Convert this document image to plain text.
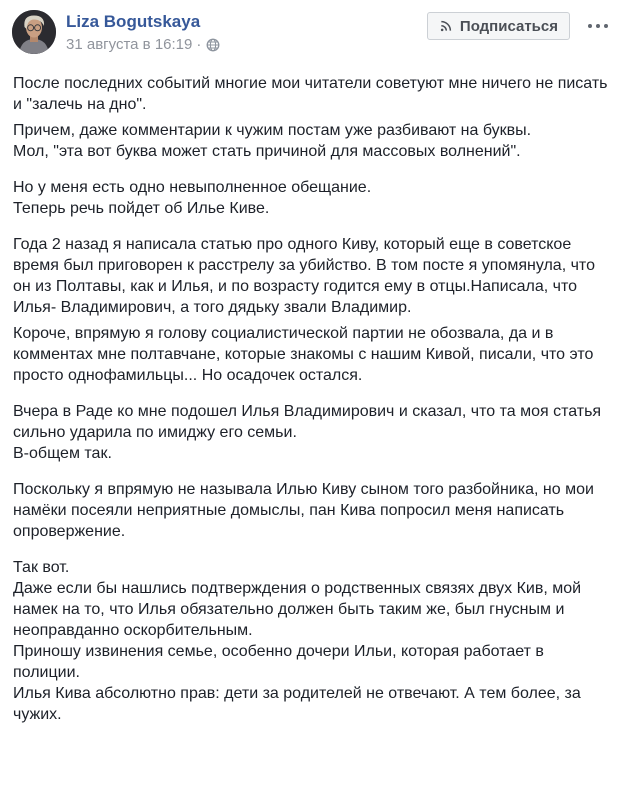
Liza Bogutskaya
31 августа в 16:19 ·
Подписаться

После последних событий многие мои читатели советуют мне ничего не писать и "залечь на дно".

Причем, даже комментарии к чужим постам уже разбивают на буквы.
Мол, "эта вот буква может стать причиной для массовых волнений".

Но у меня есть одно невыполненное обещание.
Теперь речь пойдет об Илье Киве.

Года 2 назад я написала статью про одного Киву, который еще в советское время был приговорен к расстрелу за убийство. В том посте я упомянула, что он из Полтавы, как и Илья, и по возрасту годится ему в отцы.Написала, что Илья- Владимирович, а того дядьку звали Владимир.

Короче, впрямую я голову социалистической партии не обозвала, да и в комментах мне полтавчане, которые знакомы с нашим Кивой, писали, что это просто однофамильцы... Но осадочек остался.

Вчера в Раде ко мне подошел Илья Владимирович и сказал, что та моя статья сильно ударила по имиджу его семьи.
В-общем так.

Поскольку я впрямую не называла Илью Киву сыном того разбойника, но мои намёки посеяли неприятные домыслы, пан Кива попросил меня написать опровержение.

Так вот.
Даже если бы нашлись подтверждения о родственных связях двух Кив, мой намек на то, что Илья обязательно должен быть таким же, был гнусным и неоправданно оскорбительным.
Приношу извинения семье, особенно дочери Ильи, которая работает в полиции.
Илья Кива абсолютно прав: дети за родителей не отвечают. А тем более, за чужих.
